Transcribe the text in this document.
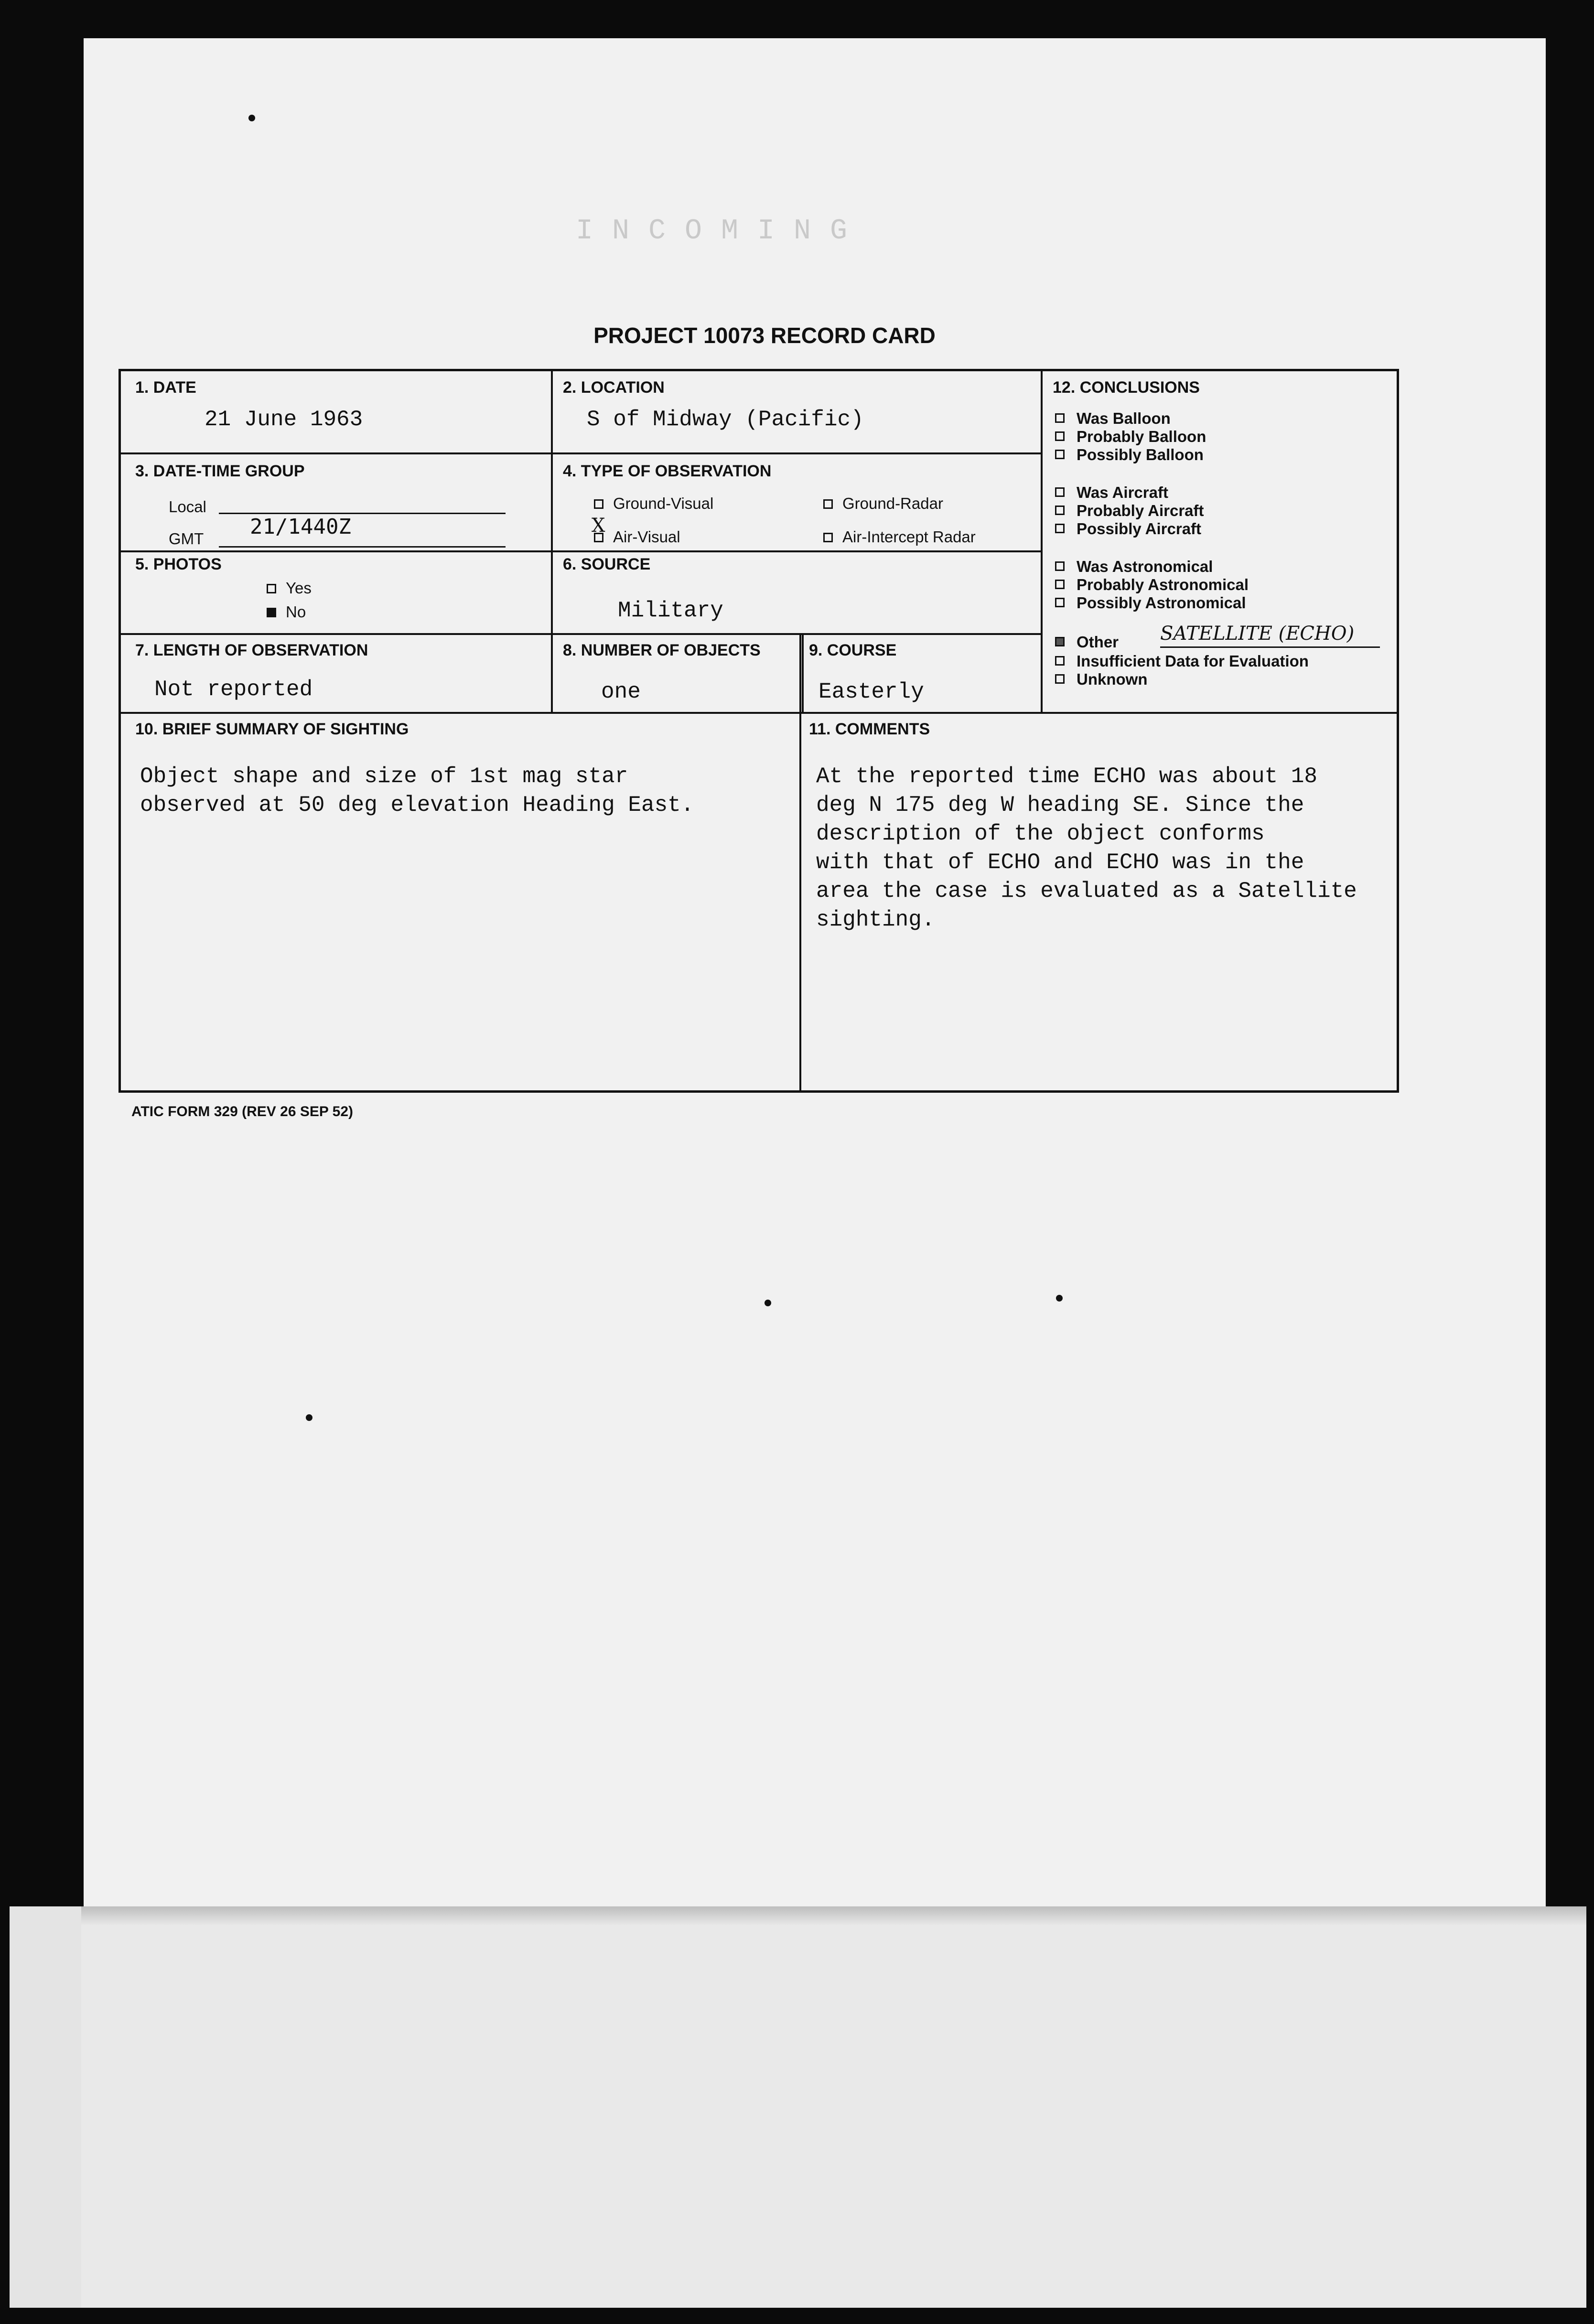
INCOMING
PROJECT 10073 RECORD CARD
1. DATE
21 June 1963
2. LOCATION
S of Midway (Pacific)
3. DATE-TIME GROUP
Local
GMT 21/1440Z
4. TYPE OF OBSERVATION
Ground-Visual	Ground-Radar
X
Air-Visual	Air-Intercept Radar
5. PHOTOS
Yes
No
6. SOURCE
Military
7. LENGTH OF OBSERVATION
Not reported
8. NUMBER OF OBJECTS
one
9. COURSE
Easterly
12. CONCLUSIONS
Was Balloon
Probably Balloon
Possibly Balloon
Was Aircraft
Probably Aircraft
Possibly Aircraft
Was Astronomical
Probably Astronomical
Possibly Astronomical
Other SATELLITE (ECHO)
Insufficient Data for Evaluation
Unknown
10. BRIEF SUMMARY OF SIGHTING
Object shape and size of 1st mag star
observed at 50 deg elevation Heading East.
11. COMMENTS
At the reported time ECHO was about 18
deg N 175 deg W heading SE. Since the
description of the object conforms
with that of ECHO and ECHO was in the
area the case is evaluated as a Satellite
sighting.
ATIC FORM 329 (REV 26 SEP 52)
